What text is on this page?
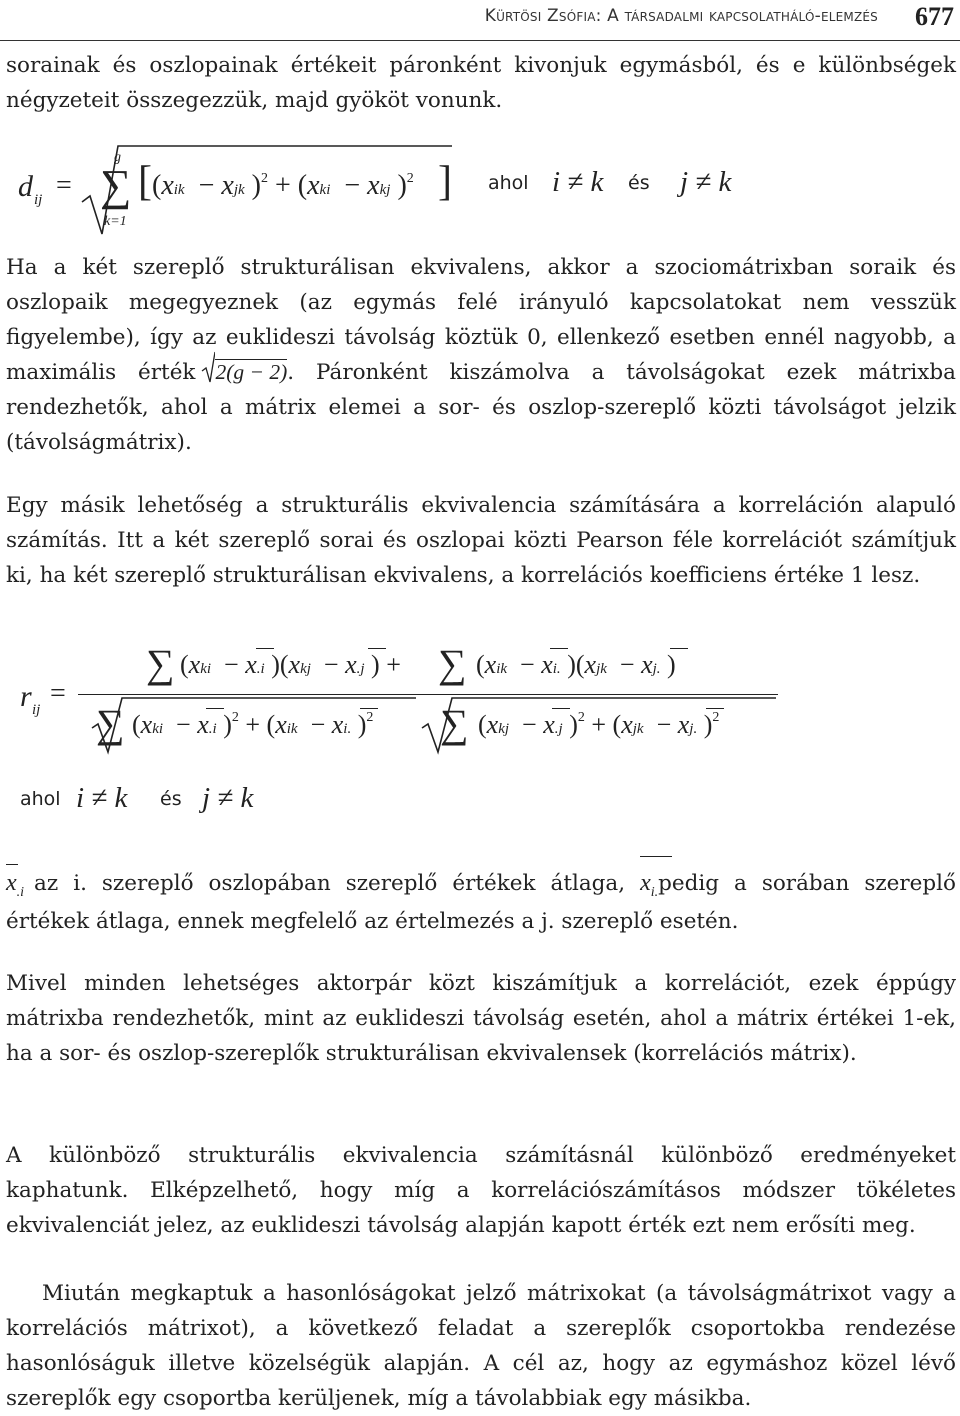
Kürtösi Zsófia: A társadalmi kapcsolatháló-elemzés 677

sorainak és oszlopainak értékeit páronként kivonjuk egymásból, és e különbségek négyzeteit összegezzük, majd gyököt vonunk.

d ij =
g
∑
k=1
[ (xik  − xjk )$^2$ + (xki  − xkj )$^2$ ] ahol i ≠ k és j ≠ k

Ha a két szereplő strukturálisan ekvivalens, akkor a szociomátrixban soraik és oszlopaik megegyeznek (az egymás felé irányuló kapcsolatokat nem vesszük figyelembe), így az euklideszi távolság köztük 0, ellenkező esetben ennél nagyobb, a maximális érték 2(g − 2). Páronként kiszámolva a távolságokat ezek mátrixba rendezhetők, ahol a mátrix elemei a sor- és oszlop-szereplő közti távolságot jelzik (távolságmátrix).

Egy másik lehetőség a strukturális ekvivalencia számítására a korreláción alapuló számítás. Itt a két szereplő sorai és oszlopai közti Pearson féle korrelációt számítjuk ki, ha két szereplő strukturálisan ekvivalens, a korrelációs koefficiens értéke 1 lesz.

r ij
=
∑ (xki  − x.i )(xkj  − x.j ) + ∑ (xik  − xi. )(xjk  − xj. )
∑ (xki  − x.i )$^2$ + (xik  − xi. )$^2$ ∑ (xkj  − x.j )$^2$ + (xjk  − xj. )$^2$
ahol i ≠ k és j ≠ k

$x_{.i}$ az i. szereplő oszlopában szereplő értékek átlaga, $x_{i.}$
pedig a sorában szereplő értékek átlaga, ennek megfelelő az értelmezés a j. szereplő esetén.

Mivel minden lehetséges aktorpár közt kiszámítjuk a korrelációt, ezek éppúgy mátrixba rendezhetők, mint az euklideszi távolság esetén, ahol a mátrix értékei 1-ek, ha a sor- és oszlop-szereplők strukturálisan ekvivalensek (korrelációs mátrix).

A különböző strukturális ekvivalencia számításnál különböző eredményeket kaphatunk. Elképzelhető, hogy míg a korrelációszámításos módszer tökéletes ekvivalenciát jelez, az euklideszi távolság alapján kapott érték ezt nem erősíti meg.

Miután megkaptuk a hasonlóságokat jelző mátrixokat (a távolságmátrixot vagy a korrelációs mátrixot), a következő feladat a szereplők csoportokba rendezése hasonlóságuk illetve közelségük alapján. A cél az, hogy az egymáshoz közel lévő szereplők egy csoportba kerüljenek, míg a távolabbiak egy másikba.
